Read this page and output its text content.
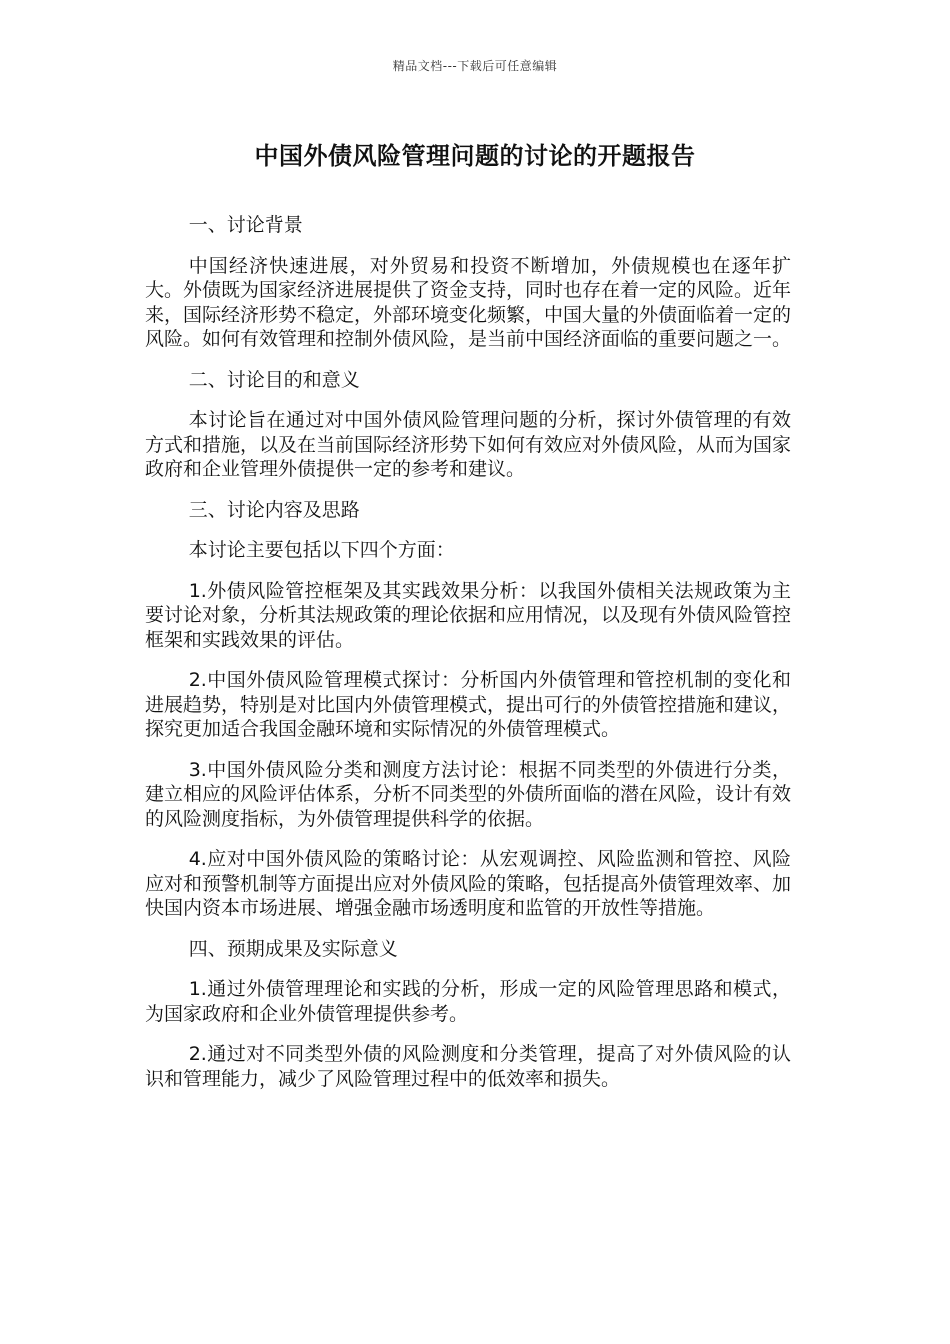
精品文档---下载后可任意编辑
中国外债风险管理问题的讨论的开题报告

一、讨论背景

中国经济快速进展，对外贸易和投资不断增加，外债规模也在逐年扩大。外债既为国家经济进展提供了资金支持，同时也存在着一定的风险。近年来，国际经济形势不稳定，外部环境变化频繁，中国大量的外债面临着一定的风险。如何有效管理和控制外债风险，是当前中国经济面临的重要问题之一。

二、讨论目的和意义

本讨论旨在通过对中国外债风险管理问题的分析，探讨外债管理的有效方式和措施，以及在当前国际经济形势下如何有效应对外债风险，从而为国家政府和企业管理外债提供一定的参考和建议。

三、讨论内容及思路

本讨论主要包括以下四个方面：

1.外债风险管控框架及其实践效果分析：以我国外债相关法规政策为主要讨论对象，分析其法规政策的理论依据和应用情况，以及现有外债风险管控框架和实践效果的评估。

2.中国外债风险管理模式探讨：分析国内外债管理和管控机制的变化和进展趋势，特别是对比国内外债管理模式，提出可行的外债管控措施和建议，探究更加适合我国金融环境和实际情况的外债管理模式。

3.中国外债风险分类和测度方法讨论：根据不同类型的外债进行分类，建立相应的风险评估体系，分析不同类型的外债所面临的潜在风险，设计有效的风险测度指标，为外债管理提供科学的依据。

4.应对中国外债风险的策略讨论：从宏观调控、风险监测和管控、风险应对和预警机制等方面提出应对外债风险的策略，包括提高外债管理效率、加快国内资本市场进展、增强金融市场透明度和监管的开放性等措施。

四、预期成果及实际意义

1.通过外债管理理论和实践的分析，形成一定的风险管理思路和模式，为国家政府和企业外债管理提供参考。

2.通过对不同类型外债的风险测度和分类管理，提高了对外债风险的认识和管理能力，减少了风险管理过程中的低效率和损失。
